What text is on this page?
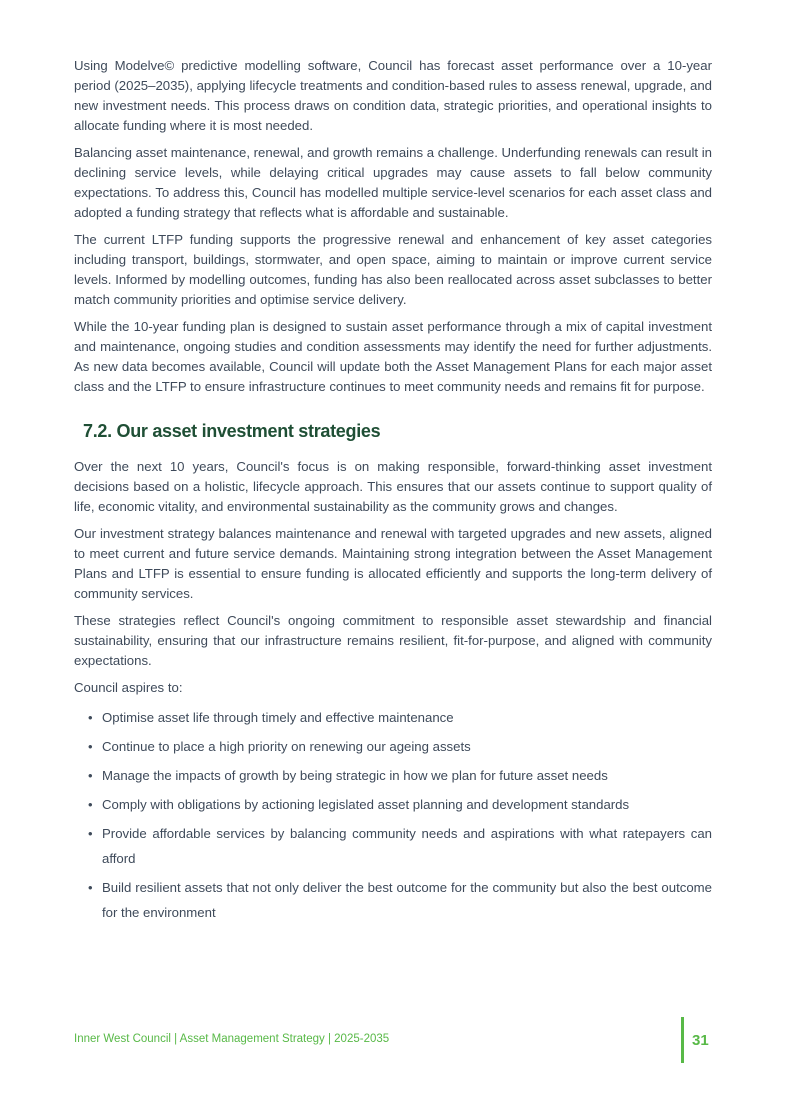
Using Modelve© predictive modelling software, Council has forecast asset performance over a 10-year period (2025–2035), applying lifecycle treatments and condition-based rules to assess renewal, upgrade, and new investment needs. This process draws on condition data, strategic priorities, and operational insights to allocate funding where it is most needed.

Balancing asset maintenance, renewal, and growth remains a challenge. Underfunding renewals can result in declining service levels, while delaying critical upgrades may cause assets to fall below community expectations. To address this, Council has modelled multiple service-level scenarios for each asset class and adopted a funding strategy that reflects what is affordable and sustainable.

The current LTFP funding supports the progressive renewal and enhancement of key asset categories including transport, buildings, stormwater, and open space, aiming to maintain or improve current service levels. Informed by modelling outcomes, funding has also been reallocated across asset subclasses to better match community priorities and optimise service delivery.

While the 10-year funding plan is designed to sustain asset performance through a mix of capital investment and maintenance, ongoing studies and condition assessments may identify the need for further adjustments. As new data becomes available, Council will update both the Asset Management Plans for each major asset class and the LTFP to ensure infrastructure continues to meet community needs and remains fit for purpose.

7.2. Our asset investment strategies

Over the next 10 years, Council's focus is on making responsible, forward-thinking asset investment decisions based on a holistic, lifecycle approach. This ensures that our assets continue to support quality of life, economic vitality, and environmental sustainability as the community grows and changes.

Our investment strategy balances maintenance and renewal with targeted upgrades and new assets, aligned to meet current and future service demands. Maintaining strong integration between the Asset Management Plans and LTFP is essential to ensure funding is allocated efficiently and supports the long-term delivery of community services.

These strategies reflect Council's ongoing commitment to responsible asset stewardship and financial sustainability, ensuring that our infrastructure remains resilient, fit-for-purpose, and aligned with community expectations.

Council aspires to:

• Optimise asset life through timely and effective maintenance
• Continue to place a high priority on renewing our ageing assets
• Manage the impacts of growth by being strategic in how we plan for future asset needs
• Comply with obligations by actioning legislated asset planning and development standards
• Provide affordable services by balancing community needs and aspirations with what ratepayers can afford
• Build resilient assets that not only deliver the best outcome for the community but also the best outcome for the environment
Inner West Council | Asset Management Strategy | 2025-2035	31
